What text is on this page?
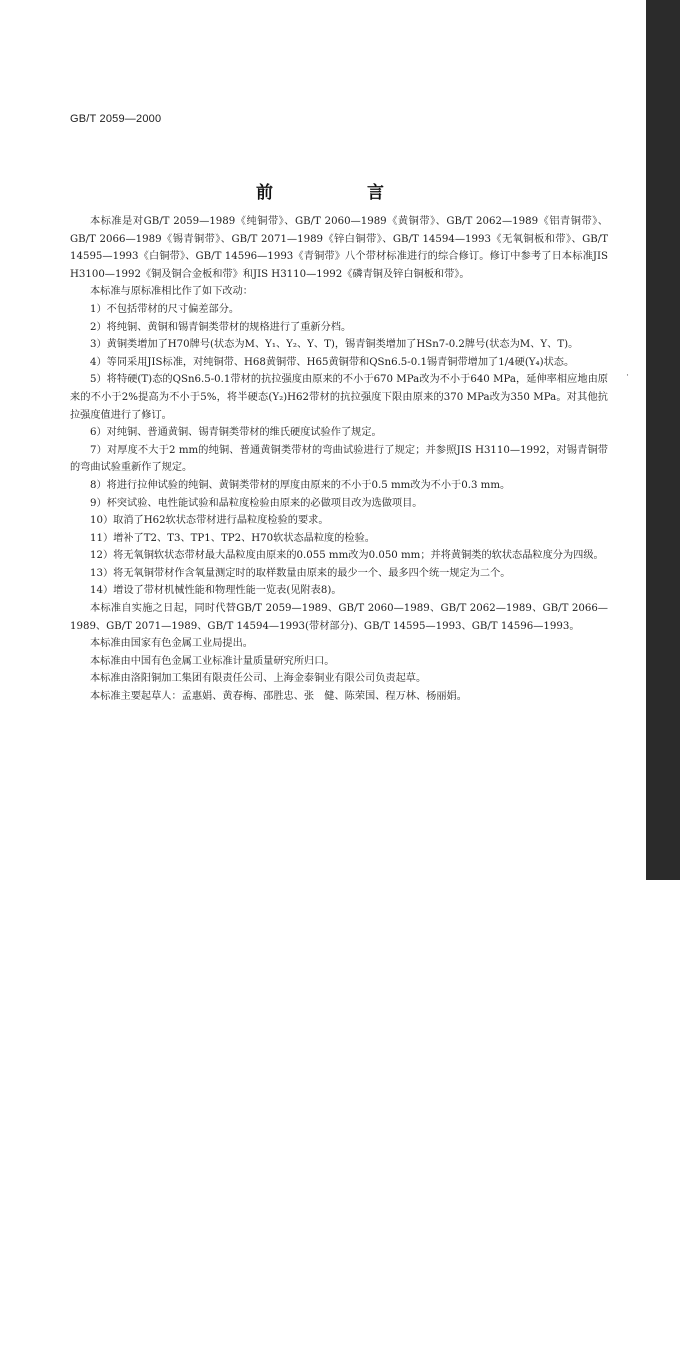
GB/T 2059—2000
前 言

本标准是对GB/T 2059—1989《纯铜带》、GB/T 2060—1989《黄铜带》、GB/T 2062—1989《铝青铜带》、GB/T 2066—1989《锡青铜带》、GB/T 2071—1989《锌白铜带》、GB/T 14594—1993《无氧铜板和带》、GB/T 14595—1993《白铜带》、GB/T 14596—1993《青铜带》八个带材标准进行的综合修订。修订中参考了日本标准JIS H3100—1992《铜及铜合金板和带》和JIS H3110—1992《磷青铜及锌白铜板和带》。

本标准与原标准相比作了如下改动：

1）不包括带材的尺寸偏差部分。

2）将纯铜、黄铜和锡青铜类带材的规格进行了重新分档。

3）黄铜类增加了H70牌号(状态为M、Y₁、Y₂、Y、T)，锡青铜类增加了HSn7-0.2牌号(状态为M、Y、T)。

4）等同采用JIS标准，对纯铜带、H68黄铜带、H65黄铜带和QSn6.5-0.1锡青铜带增加了1/4硬(Y₄)状态。

5）将特硬(T)态的QSn6.5-0.1带材的抗拉强度由原来的不小于670 MPa改为不小于640 MPa，延伸率相应地由原来的不小于2%提高为不小于5%，将半硬态(Y₂)H62带材的抗拉强度下限由原来的370 MPa改为350 MPa。对其他抗拉强度值进行了修订。

6）对纯铜、普通黄铜、锡青铜类带材的维氏硬度试验作了规定。

7）对厚度不大于2 mm的纯铜、普通黄铜类带材的弯曲试验进行了规定；并参照JIS H3110—1992，对锡青铜带的弯曲试验重新作了规定。

8）将进行拉伸试验的纯铜、黄铜类带材的厚度由原来的不小于0.5 mm改为不小于0.3 mm。

9）杯突试验、电性能试验和晶粒度检验由原来的必做项目改为选做项目。

10）取消了H62软状态带材进行晶粒度检验的要求。

11）增补了T2、T3、TP1、TP2、H70软状态晶粒度的检验。

12）将无氧铜软状态带材最大晶粒度由原来的0.055 mm改为0.050 mm；并将黄铜类的软状态晶粒度分为四级。

13）将无氧铜带材作含氧量测定时的取样数量由原来的最少一个、最多四个统一规定为二个。

14）增设了带材机械性能和物理性能一览表(见附表8)。

本标准自实施之日起，同时代替GB/T 2059—1989、GB/T 2060—1989、GB/T 2062—1989、GB/T 2066—1989、GB/T 2071—1989、GB/T 14594—1993(带材部分)、GB/T 14595—1993、GB/T 14596—1993。

本标准由国家有色金属工业局提出。

本标准由中国有色金属工业标准计量质量研究所归口。

本标准由洛阳铜加工集团有限责任公司、上海金泰铜业有限公司负责起草。

本标准主要起草人：孟惠娟、黄春梅、邵胜忠、张　健、陈荣国、程万林、杨丽娟。

˙
